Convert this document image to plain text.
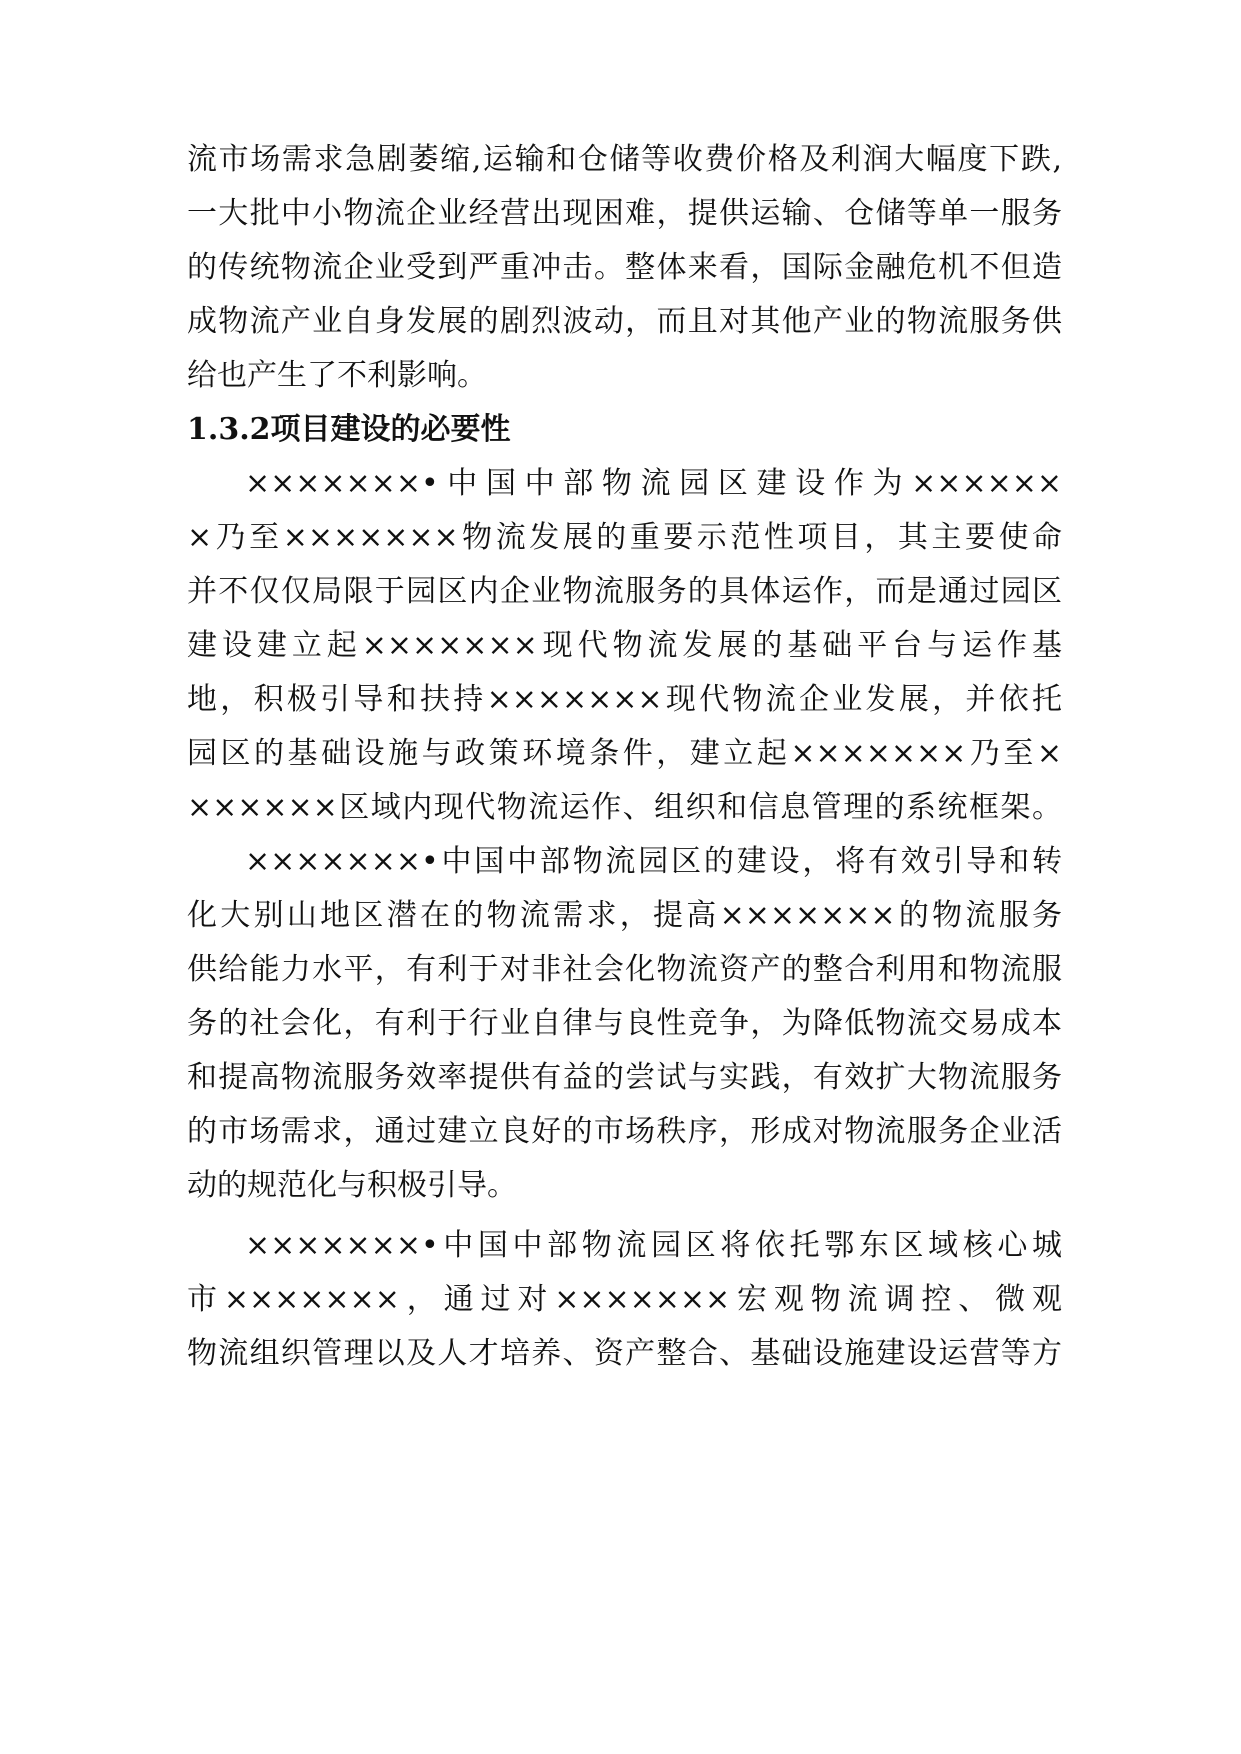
流市场需求急剧萎缩,运输和仓储等收费价格及利润大幅度下跌,
一大批中小物流企业经营出现困难，提供运输、仓储等单一服务
的传统物流企业受到严重冲击。整体来看，国际金融危机不但造
成物流产业自身发展的剧烈波动，而且对其他产业的物流服务供
给也产生了不利影响。
1.3.2项目建设的必要性
×××××××•中国中部物流园区建设作为××××××
×乃至×××××××物流发展的重要示范性项目，其主要使命
并不仅仅局限于园区内企业物流服务的具体运作，而是通过园区
建设建立起×××××××现代物流发展的基础平台与运作基
地，积极引导和扶持×××××××现代物流企业发展，并依托
园区的基础设施与政策环境条件，建立起×××××××乃至×
××××××区域内现代物流运作、组织和信息管理的系统框架。
×××××××•中国中部物流园区的建设，将有效引导和转
化大别山地区潜在的物流需求，提高×××××××的物流服务
供给能力水平，有利于对非社会化物流资产的整合利用和物流服
务的社会化，有利于行业自律与良性竞争，为降低物流交易成本
和提高物流服务效率提供有益的尝试与实践，有效扩大物流服务
的市场需求，通过建立良好的市场秩序，形成对物流服务企业活
动的规范化与积极引导。
×××××××•中国中部物流园区将依托鄂东区域核心城
市×××××××，通过对×××××××宏观物流调控、微观
物流组织管理以及人才培养、资产整合、基础设施建设运营等方
